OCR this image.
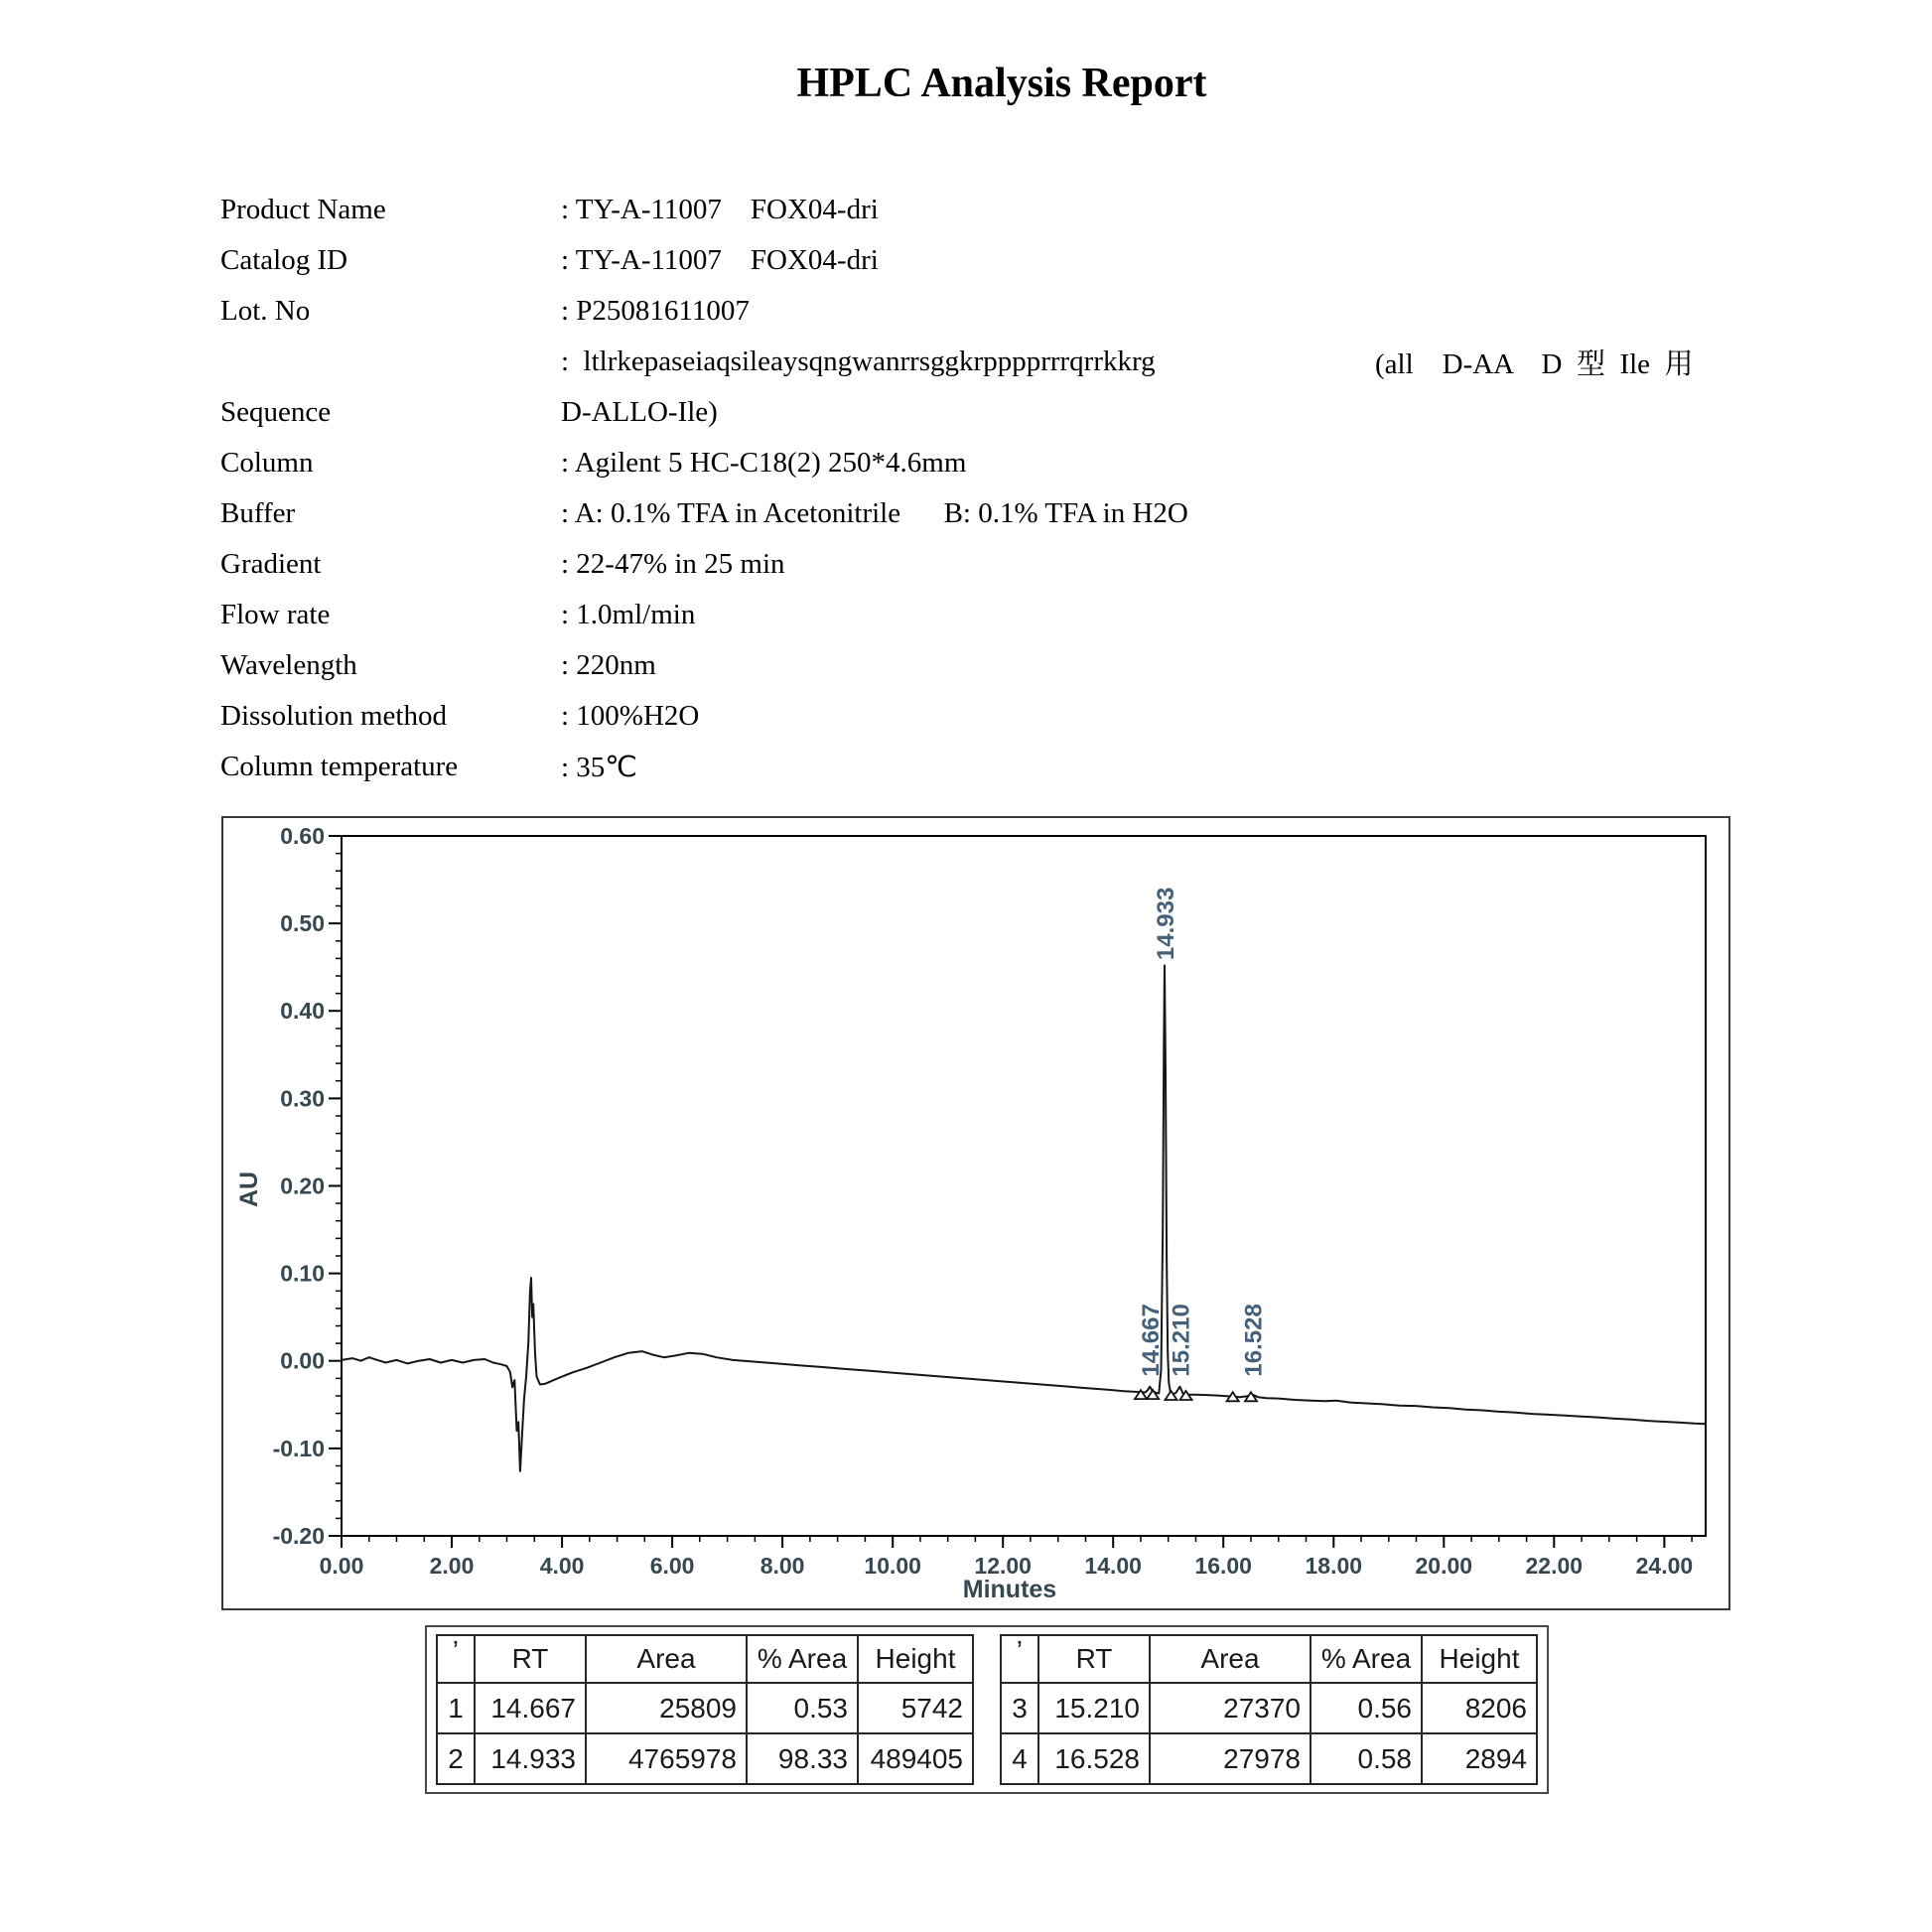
HPLC Analysis Report
Product Name	: TY-A-11007    FOX04-dri
Catalog ID	: TY-A-11007    FOX04-dri
Lot. No	: P25081611007
:  ltlrkepaseiaqsileaysqngwanrrsggkrpppprrrqrrkkrg	(all    D-AA    D  型  Ile  用
Sequence	D-ALLO-Ile)
Column	: Agilent 5 HC-C18(2) 250*4.6mm
Buffer	: A: 0.1% TFA in Acetonitrile      B: 0.1% TFA in H2O
Gradient	: 22-47% in 25 min
Flow rate	: 1.0ml/min
Wavelength	: 220nm
Dissolution method	: 100%H2O
Column temperature	: 35℃
0.60
0.50
0.40
0.30
0.20
0.10
0.00
-0.10
-0.20
0.00	2.00	4.00	6.00	8.00	10.00 12.00 14.00 16.00 18.00 20.00 22.00 24.00
AU
Minutes
14.667
14.933
15.210 16.528
ʼ	RT	Area	% Area	Height
1	14.667	25809	0.53	5742
2	14.933	4765978	98.33	489405
ʼ	RT	Area	% Area	Height
3	15.210	27370	0.56	8206
4	16.528	27978	0.58	2894
